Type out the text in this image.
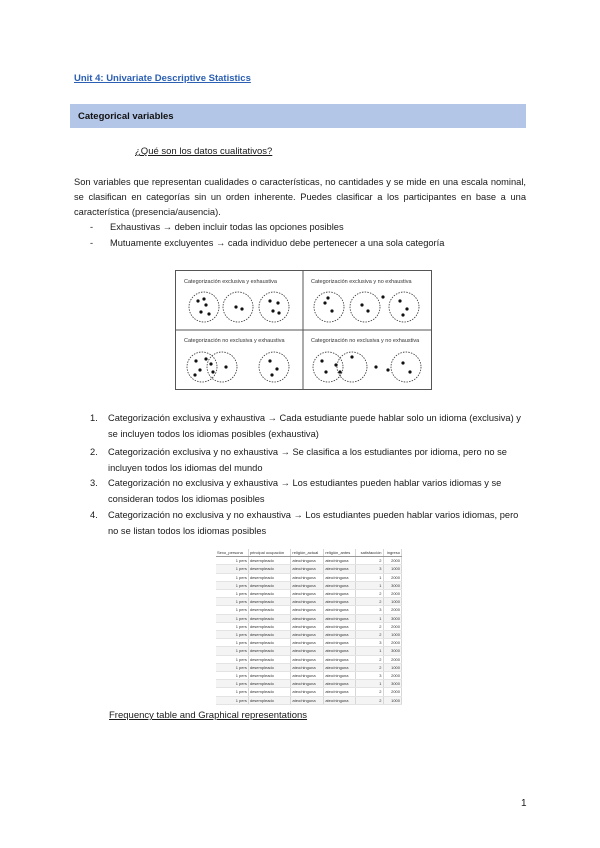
Unit 4: Univariate Descriptive Statistics
Categorical variables
¿Qué son los datos cualitativos?
Son variables que representan cualidades o características, no cantidades y se mide en una escala nominal, se clasifican en categorías sin un orden inherente. Puedes clasificar a los participantes en base a una característica (presencia/ausencia).
- Exhaustivas → deben incluir todas las opciones posibles
- Mutuamente excluyentes → cada individuo debe pertenecer a una sola categoría
Categorización exclusiva y exhaustiva	Categorización exclusiva y no exhaustiva
Categorización no exclusiva y exhaustiva	Categorización no exclusiva y no exhaustiva
1.	Categorización exclusiva y exhaustiva → Cada estudiante puede hablar solo un idioma (exclusiva) y se incluyen todos los idiomas posibles (exhaustiva)
2.	Categorización exclusiva y no exhaustiva → Se clasifica a los estudiantes por idioma, pero no se incluyen todos los idiomas del mundo
3.	Categorización no exclusiva y exhaustiva → Los estudiantes pueden hablar varios idiomas y se consideran todos los idiomas posibles
4.	Categorización no exclusiva y no exhaustiva → Los estudiantes pueden hablar varios idiomas, pero no se listan todos los idiomas posibles
Sexo_persona	principal ocupación	religión_actual	religión_antes	satisfacción	ingreso
1 pers	desempleado	ateo/ninguna	ateo/ninguna	2	2000
1 pers	desempleado	ateo/ninguna	ateo/ninguna	3	1000
1 pers	desempleado	ateo/ninguna	ateo/ninguna	1	2000
1 pers	desempleado	ateo/ninguna	ateo/ninguna	1	3000
1 pers	desempleado	ateo/ninguna	ateo/ninguna	2	2000
1 pers	desempleado	ateo/ninguna	ateo/ninguna	2	1000
1 pers	desempleado	ateo/ninguna	ateo/ninguna	3	2000
1 pers	desempleado	ateo/ninguna	ateo/ninguna	1	3000
1 pers	desempleado	ateo/ninguna	ateo/ninguna	2	2000
1 pers	desempleado	ateo/ninguna	ateo/ninguna	2	1000
1 pers	desempleado	ateo/ninguna	ateo/ninguna	3	2000
1 pers	desempleado	ateo/ninguna	ateo/ninguna	1	3000
1 pers	desempleado	ateo/ninguna	ateo/ninguna	2	2000
1 pers	desempleado	ateo/ninguna	ateo/ninguna	2	1000
1 pers	desempleado	ateo/ninguna	ateo/ninguna	3	2000
1 pers	desempleado	ateo/ninguna	ateo/ninguna	1	3000
1 pers	desempleado	ateo/ninguna	ateo/ninguna	2	2000
1 pers	desempleado	ateo/ninguna	ateo/ninguna	2	1000
Frequency table and Graphical representations
1
